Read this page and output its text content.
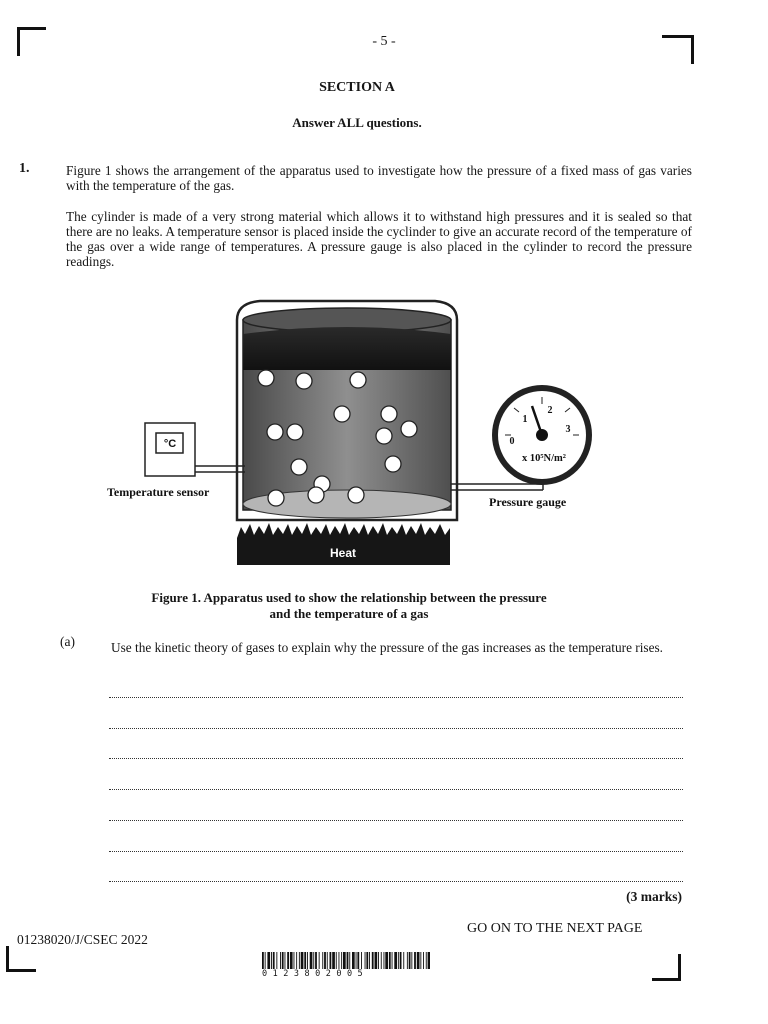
- 5 -
SECTION A
Answer ALL questions.
1.	Figure 1 shows the arrangement of the apparatus used to investigate how the pressure of a fixed mass of gas varies with the temperature of the gas.
The cylinder is made of a very strong material which allows it to withstand high pressures and it is sealed so that there are no leaks. A temperature sensor is placed inside the cyclinder to give an accurate record of the temperature of the gas over a wide range of temperatures. A pressure gauge is also placed in the cylinder to record the pressure readings.
°C
Temperature sensor
0
1
2
3
x 10⁵N/m²
Pressure gauge
Heat
Figure 1. Apparatus used to show the relationship between the pressure
and the temperature of a gas
(a)	Use the kinetic theory of gases to explain why the pressure of the gas increases as the temperature rises.
(3 marks)
GO ON TO THE NEXT PAGE
01238020/J/CSEC 2022
0123802005
